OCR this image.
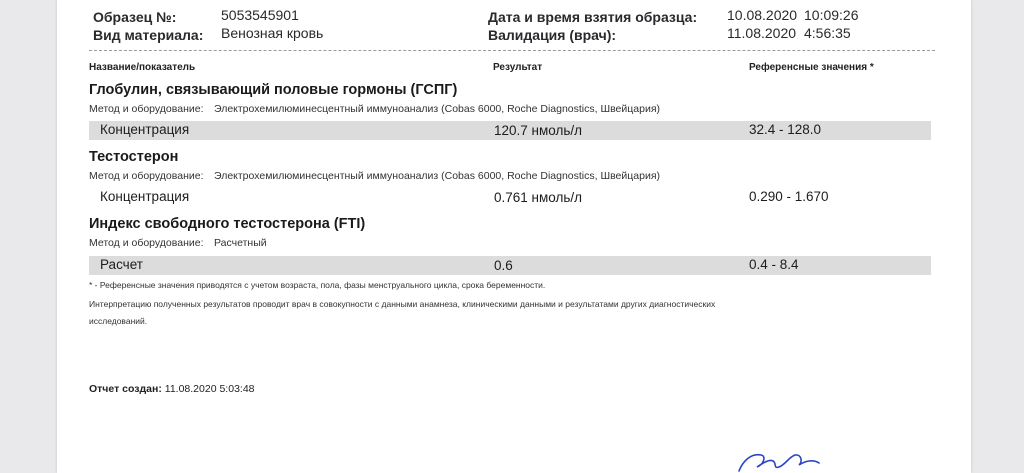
Образец №:	5053545901
Вид материала: Венозная кровь
Дата и время взятия образца: 10.08.2020 10:09:26
Валидация (врач):	11.08.2020 4:56:35
Название/показатель	Результат	Референсные значения *
Глобулин, связывающий половые гормоны (ГСПГ)
Метод и оборудование: Электрохемилюминесцентный иммуноанализ (Cobas 6000, Roche Diagnostics, Швейцария)
Концентрация	120.7 нмоль/л	32.4 - 128.0
Тестостерон
Метод и оборудование: Электрохемилюминесцентный иммуноанализ (Cobas 6000, Roche Diagnostics, Швейцария)
Концентрация	0.761 нмоль/л	0.290 - 1.670
Индекс свободного тестостерона (FTI)
Метод и оборудование: Расчетный
Расчет	0.6	0.4 - 8.4
* - Референсные значения приводятся с учетом возраста, пола, фазы менструального цикла, срока беременности.
Интерпретацию полученных результатов проводит врач в совокупности с данными анамнеза, клиническими данными и результатами других диагностических исследований.
Отчет создан: 11.08.2020 5:03:48
